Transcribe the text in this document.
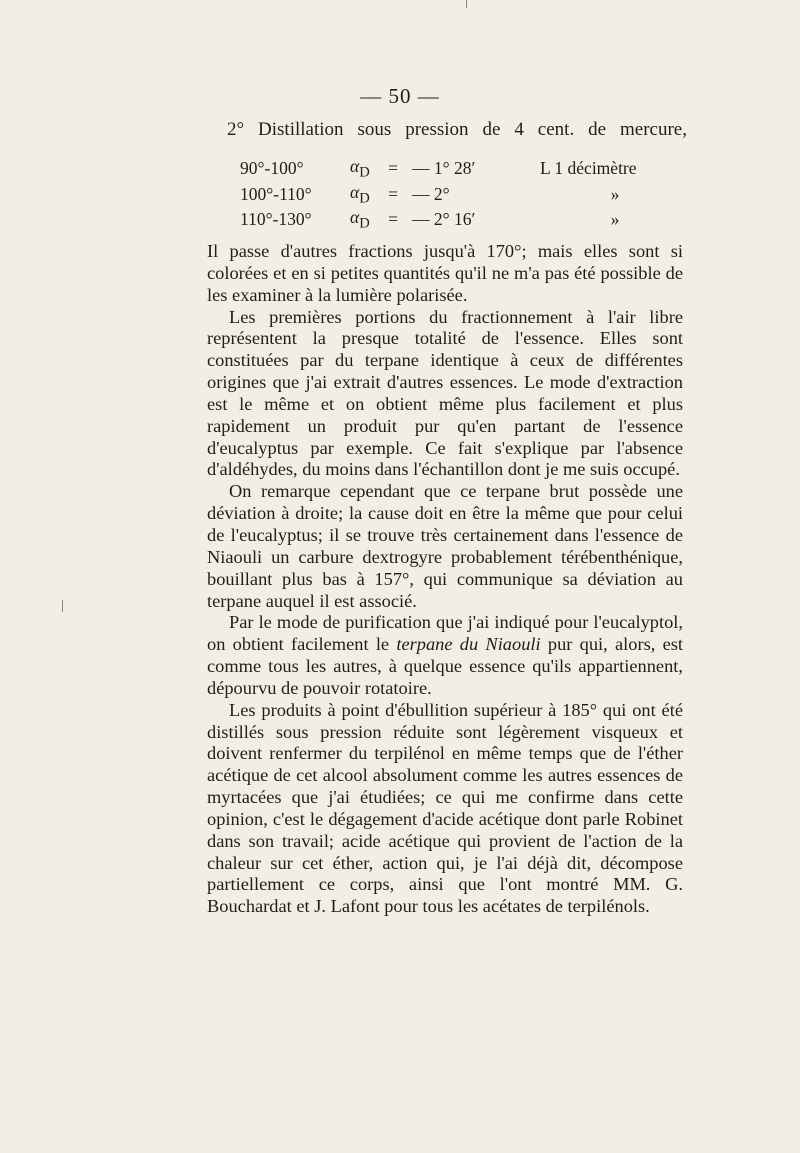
— 50 —
2° Distillation sous pression de 4 cent. de mercure,
90°-100°	$\alpha_D$	=	— 1° 28′	L 1 décimètre
100°-110°	$\alpha_D$	=	— 2°	»
110°-130°	$\alpha_D$	=	— 2° 16′	»

Il passe d'autres fractions jusqu'à 170°; mais elles sont si colorées et en si petites quantités qu'il ne m'a pas été possible de les examiner à la lumière polarisée.

Les premières portions du fractionnement à l'air libre représentent la presque totalité de l'essence. Elles sont constituées par du terpane identique à ceux de différentes origines que j'ai extrait d'autres essences. Le mode d'extraction est le même et on obtient même plus facilement et plus rapidement un produit pur qu'en partant de l'essence d'eucalyptus par exemple. Ce fait s'explique par l'absence d'aldéhydes, du moins dans l'échantillon dont je me suis occupé.

On remarque cependant que ce terpane brut possède une déviation à droite; la cause doit en être la même que pour celui de l'eucalyptus; il se trouve très certainement dans l'essence de Niaouli un carbure dextrogyre probablement térébenthénique, bouillant plus bas à 157°, qui communique sa déviation au terpane auquel il est associé.

Par le mode de purification que j'ai indiqué pour l'eucalyptol, on obtient facilement le terpane du Niaouli pur qui, alors, est comme tous les autres, à quelque essence qu'ils appartiennent, dépourvu de pouvoir rotatoire.

Les produits à point d'ébullition supérieur à 185° qui ont été distillés sous pression réduite sont légèrement visqueux et doivent renfermer du terpilénol en même temps que de l'éther acétique de cet alcool absolument comme les autres essences de myrtacées que j'ai étudiées; ce qui me confirme dans cette opinion, c'est le dégagement d'acide acétique dont parle Robinet dans son travail; acide acétique qui provient de l'action de la chaleur sur cet éther, action qui, je l'ai déjà dit, décompose partiellement ce corps, ainsi que l'ont montré MM. G. Bouchardat et J. Lafont pour tous les acétates de terpilénols.
